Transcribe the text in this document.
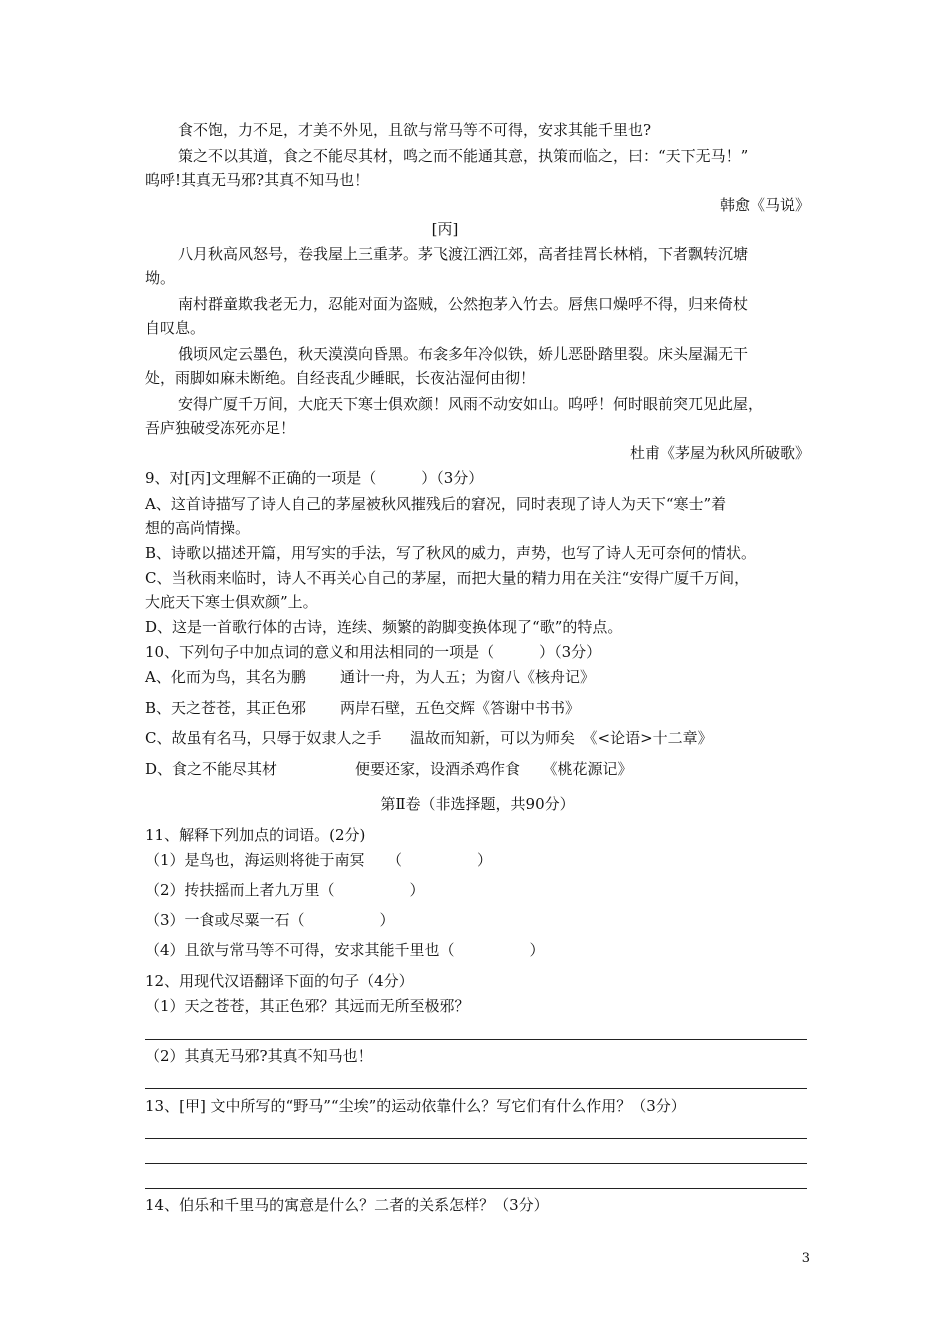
食不饱，力不足，才美不外见，且欲与常马等不可得，安求其能千里也?
策之不以其道，食之不能尽其材，鸣之而不能通其意，执策而临之，曰：“天下无马！”
呜呼!其真无马邪?其真不知马也！
韩愈《马说》
[丙]
八月秋高风怒号，卷我屋上三重茅。茅飞渡江洒江郊，高者挂罥长林梢，下者飘转沉塘
坳。
南村群童欺我老无力，忍能对面为盗贼，公然抱茅入竹去。唇焦口燥呼不得，归来倚杖
自叹息。
俄顷风定云墨色，秋天漠漠向昏黑。布衾多年冷似铁，娇儿恶卧踏里裂。床头屋漏无干
处，雨脚如麻未断绝。自经丧乱少睡眠，长夜沾湿何由彻！
安得广厦千万间，大庇天下寒士俱欢颜！风雨不动安如山。呜呼！何时眼前突兀见此屋，
吾庐独破受冻死亦足！
杜甫《茅屋为秋风所破歌》
9、对[丙]文理解不正确的一项是（　　　）（3分）
A、这首诗描写了诗人自己的茅屋被秋风摧残后的窘况，同时表现了诗人为天下“寒士”着
想的高尚情操。
B、诗歌以描述开篇，用写实的手法，写了秋风的威力，声势，也写了诗人无可奈何的情状。
C、当秋雨来临时，诗人不再关心自己的茅屋，而把大量的精力用在关注“安得广厦千万间，
大庇天下寒士俱欢颜”上。
D、这是一首歌行体的古诗，连续、频繁的韵脚变换体现了“歌”的特点。
10、下列句子中加点词的意义和用法相同的一项是（　　　）（3分）
A、化而为鸟，其名为鹏 通计一舟，为人五；为窗八《核舟记》
B、天之苍苍，其正色邪 两岸石壁，五色交辉《答谢中书书》
C、故虽有名马，只辱于奴隶人之手 温故而知新，可以为师矣　《<论语>十二章》
D、食之不能尽其材	便要还家，设酒杀鸡作食　　《桃花源记》
第Ⅱ卷（非选择题，共90分）
11、解释下列加点的词语。(2分)
（1）是鸟也，海运则将徙于南冥　　（　　　　　）
（2）抟扶摇而上者九万里（　　　　　）
（3）一食或尽粟一石（　　　　　）
（4）且欲与常马等不可得，安求其能千里也（　　　　　）
12、用现代汉语翻译下面的句子（4分）
（1）天之苍苍，其正色邪？其远而无所至极邪？
（2）其真无马邪?其真不知马也！
13、[甲] 文中所写的“野马”“尘埃”的运动依靠什么？写它们有什么作用？（3分）
14、伯乐和千里马的寓意是什么？二者的关系怎样？（3分）
3
